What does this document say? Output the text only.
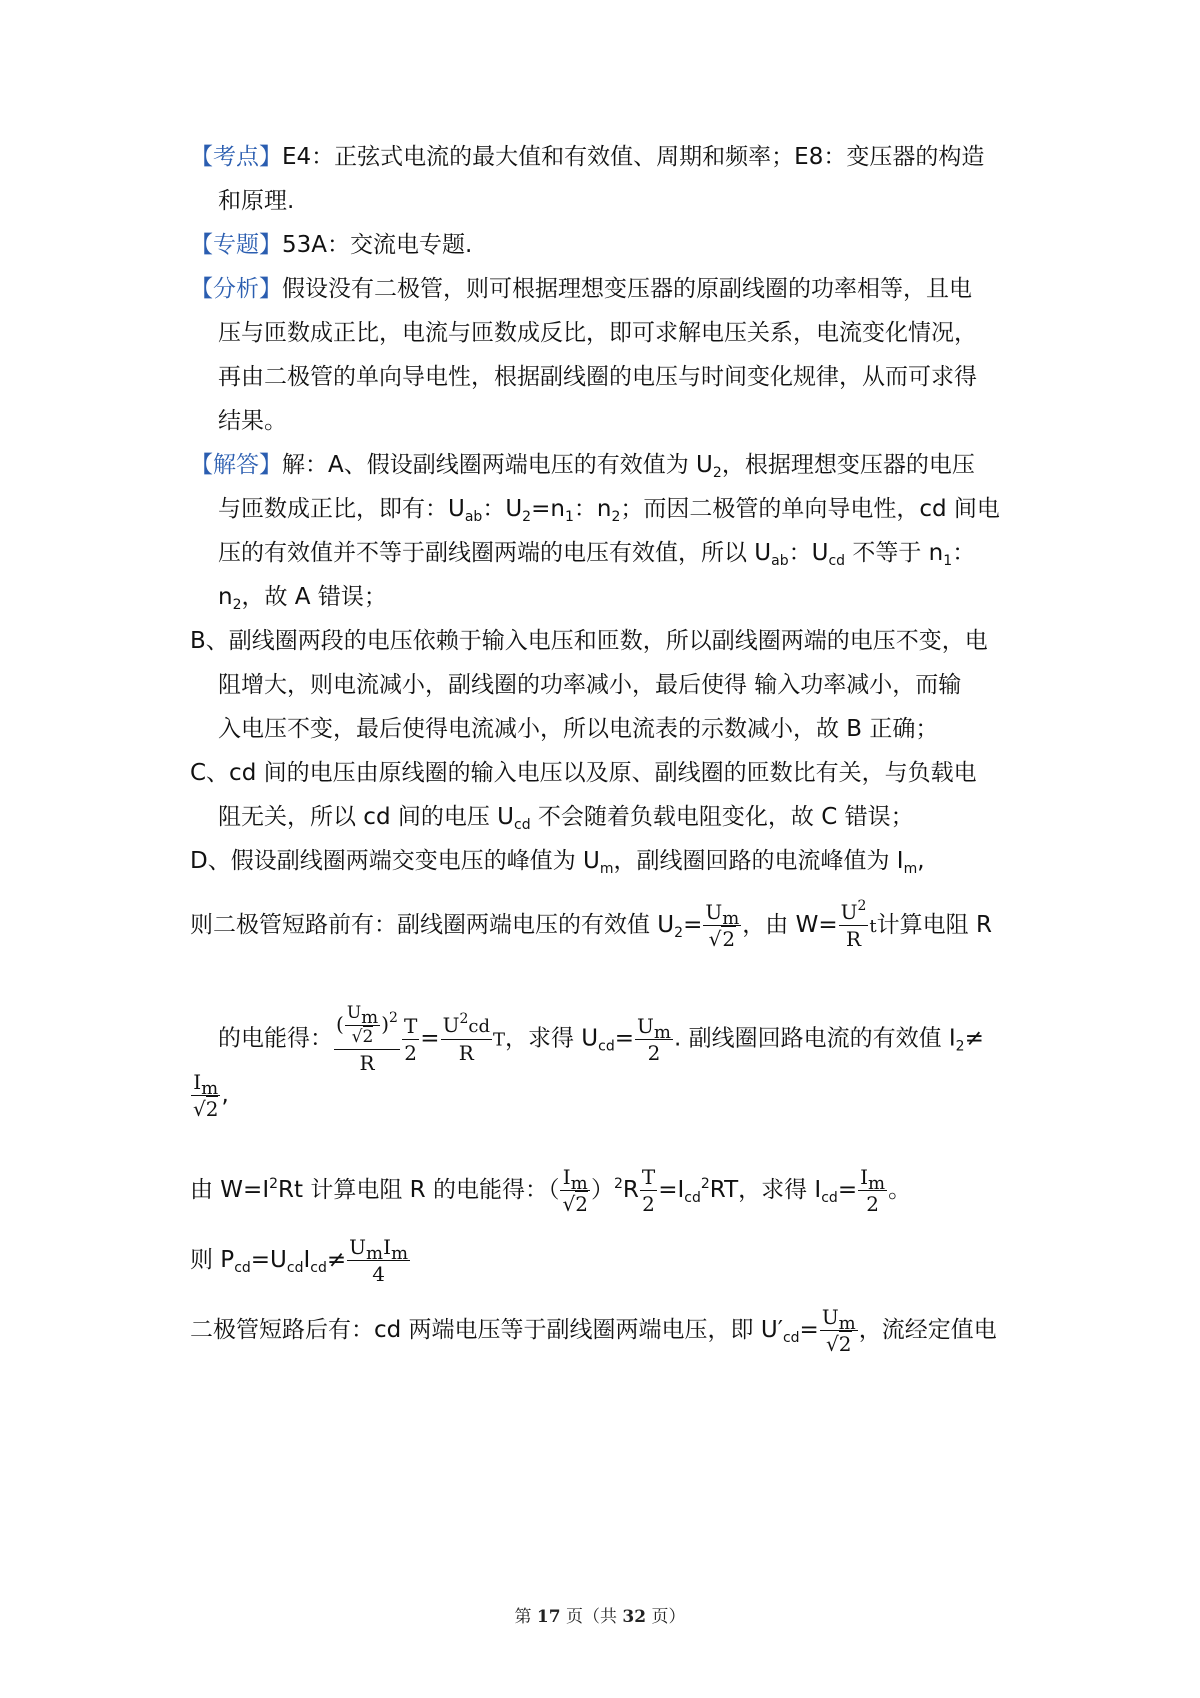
【考点】E4：正弦式电流的最大值和有效值、周期和频率；E8：变压器的构造
和原理.
【专题】53A：交流电专题.
【分析】假设没有二极管，则可根据理想变压器的原副线圈的功率相等，且电
压与匝数成正比，电流与匝数成反比，即可求解电压关系，电流变化情况，
再由二极管的单向导电性，根据副线圈的电压与时间变化规律，从而可求得
结果。
【解答】解：A、假设副线圈两端电压的有效值为 $U_2$，根据理想变压器的电压
与匝数成正比，即有：$U_{ab}$：$U_2=n_1$：$n_2$；而因二极管的单向导电性，cd 间电
压的有效值并不等于副线圈两端的电压有效值，所以 $U_{ab}$：$U_{cd}$ 不等于 $n_1$：
$n_2$，故 A 错误；
B、副线圈两段的电压依赖于输入电压和匝数，所以副线圈两端的电压不变，电
阻增大，则电流减小，副线圈的功率减小，最后使得 输入功率减小，而输
入电压不变，最后使得电流减小，所以电流表的示数减小，故 B 正确；
C、cd 间的电压由原线圈的输入电压以及原、副线圈的匝数比有关，与负载电
阻无关，所以 cd 间的电压 $U_{cd}$ 不会随着负载电阻变化，故 C 错误；
D、假设副线圈两端交变电压的峰值为 $U_m$，副线圈回路的电流峰值为 $I_m$,
则二极管短路前有：副线圈两端电压的有效值 $U_2= \frac{U_m}{√2}$ ，由 $W= \frac{U^2}{R}$ t计算电阻 R
的电能得： $\frac{( \frac{U_m}{√2} )^2}{R} \frac{T}{2} = \frac{U^2cd}{R}$ T，求得 $U_{cd}= \frac{U_m}{2}$ . 副线圈回路电流的有效值 $I_2\ne$
$\frac{I_m}{√2}$ ,
由 $W=I^2Rt$ 计算电阻 R 的电能得：（ $\frac{I_m}{√2} )^2R \frac{T}{2} =I_{cd}^2RT$，求得 $I_{cd}= \frac{I_m}{2}$ 。
则 $P_{cd}=U_{cd}I_{cd}\ne \frac{U_mI_m}{4}$
二极管短路后有：cd 两端电压等于副线圈两端电压，即 $U'_{cd}= \frac{U_m}{√2}$ ，流经定值电
第 17 页（共 32 页）
